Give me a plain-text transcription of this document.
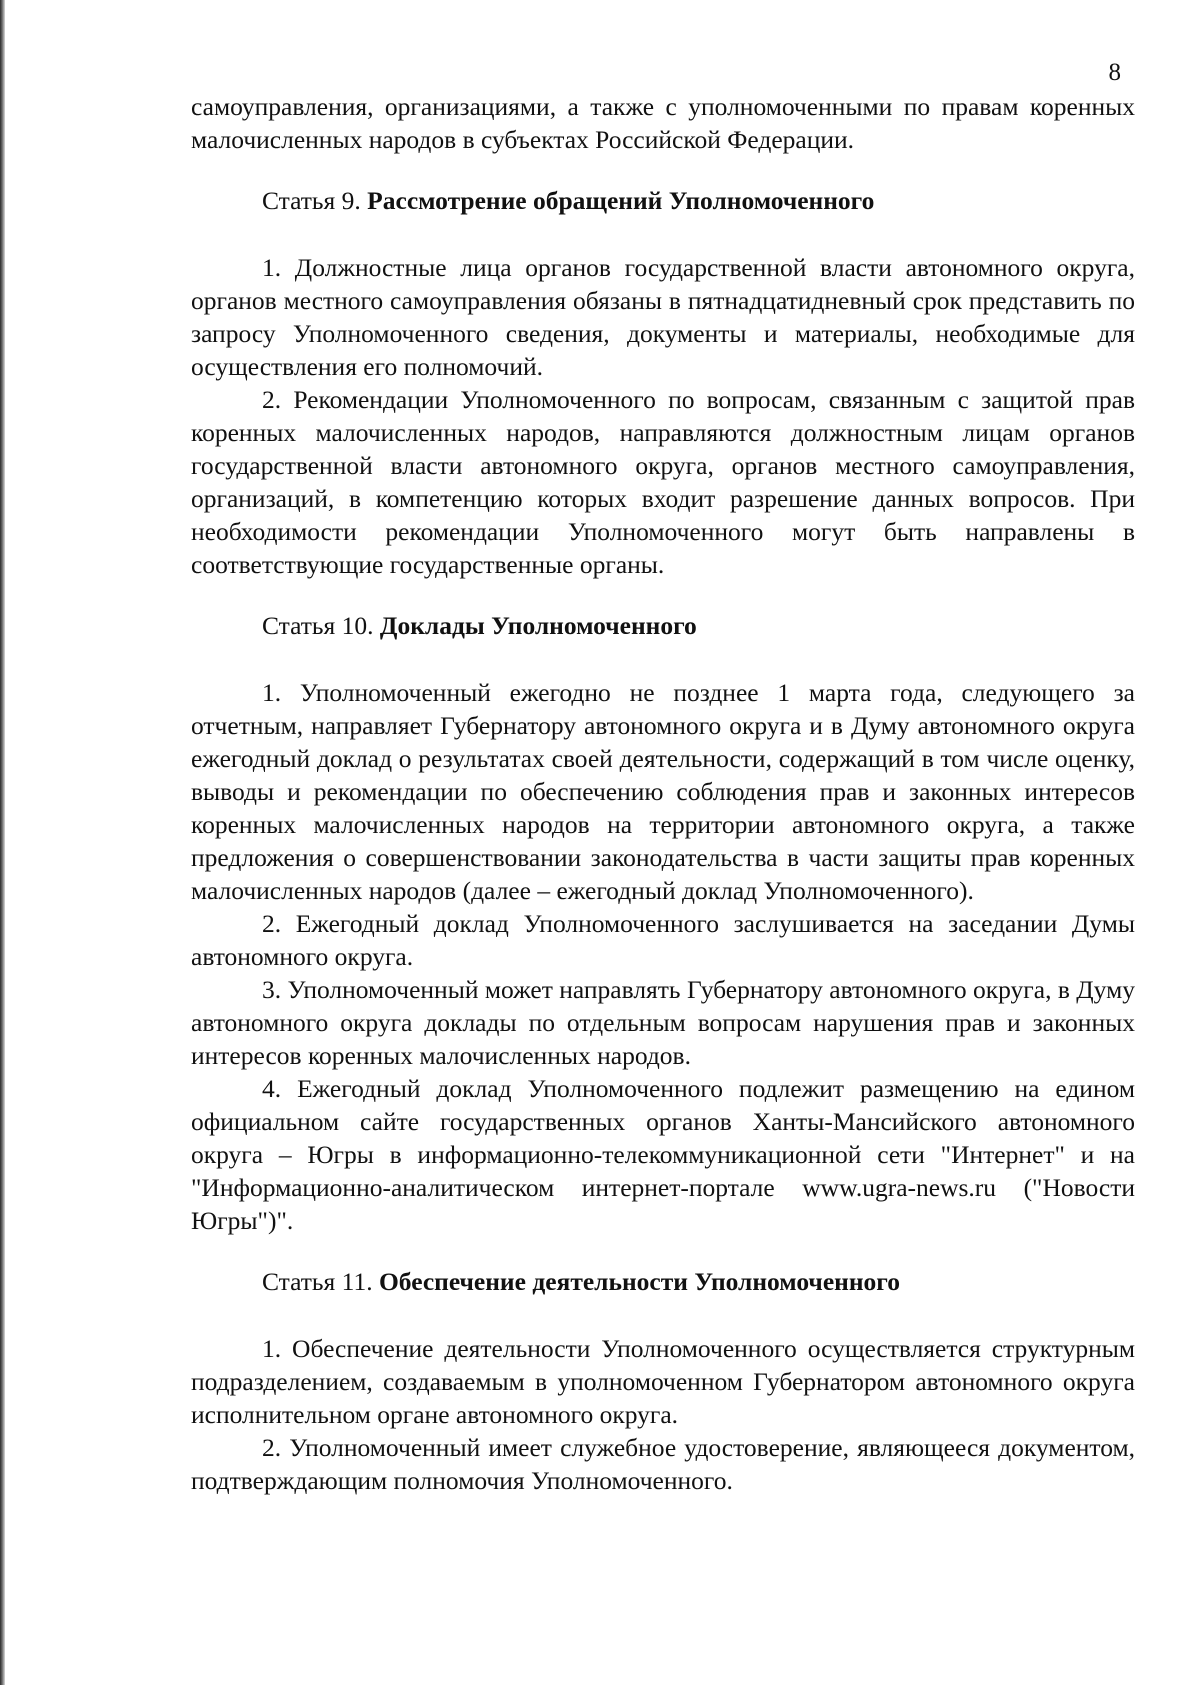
8

самоуправления, организациями, а также с уполномоченными по правам коренных малочисленных народов в субъектах Российской Федерации.

Статья 9. Рассмотрение обращений Уполномоченного

1. Должностные лица органов государственной власти автономного округа, органов местного самоуправления обязаны в пятнадцатидневный срок представить по запросу Уполномоченного сведения, документы и материалы, необходимые для осуществления его полномочий.

2. Рекомендации Уполномоченного по вопросам, связанным с защитой прав коренных малочисленных народов, направляются должностным лицам органов государственной власти автономного округа, органов местного самоуправления, организаций, в компетенцию которых входит разрешение данных вопросов. При необходимости рекомендации Уполномоченного могут быть направлены в соответствующие государственные органы.

Статья 10. Доклады Уполномоченного

1. Уполномоченный ежегодно не позднее 1 марта года, следующего за отчетным, направляет Губернатору автономного округа и в Думу автономного округа ежегодный доклад о результатах своей деятельности, содержащий в том числе оценку, выводы и рекомендации по обеспечению соблюдения прав и законных интересов коренных малочисленных народов на территории автономного округа, а также предложения о совершенствовании законодательства в части защиты прав коренных малочисленных народов (далее – ежегодный доклад Уполномоченного).

2. Ежегодный доклад Уполномоченного заслушивается на заседании Думы автономного округа.

3. Уполномоченный может направлять Губернатору автономного округа, в Думу автономного округа доклады по отдельным вопросам нарушения прав и законных интересов коренных малочисленных народов.

4. Ежегодный доклад Уполномоченного подлежит размещению на едином официальном сайте государственных органов Ханты-Мансийского автономного округа – Югры в информационно-телекоммуникационной сети "Интернет" и на "Информационно-аналитическом интернет-портале www.ugra-news.ru ("Новости Югры")".

Статья 11. Обеспечение деятельности Уполномоченного

1. Обеспечение деятельности Уполномоченного осуществляется структурным подразделением, создаваемым в уполномоченном Губернатором автономного округа исполнительном органе автономного округа.

2. Уполномоченный имеет служебное удостоверение, являющееся документом, подтверждающим полномочия Уполномоченного.
